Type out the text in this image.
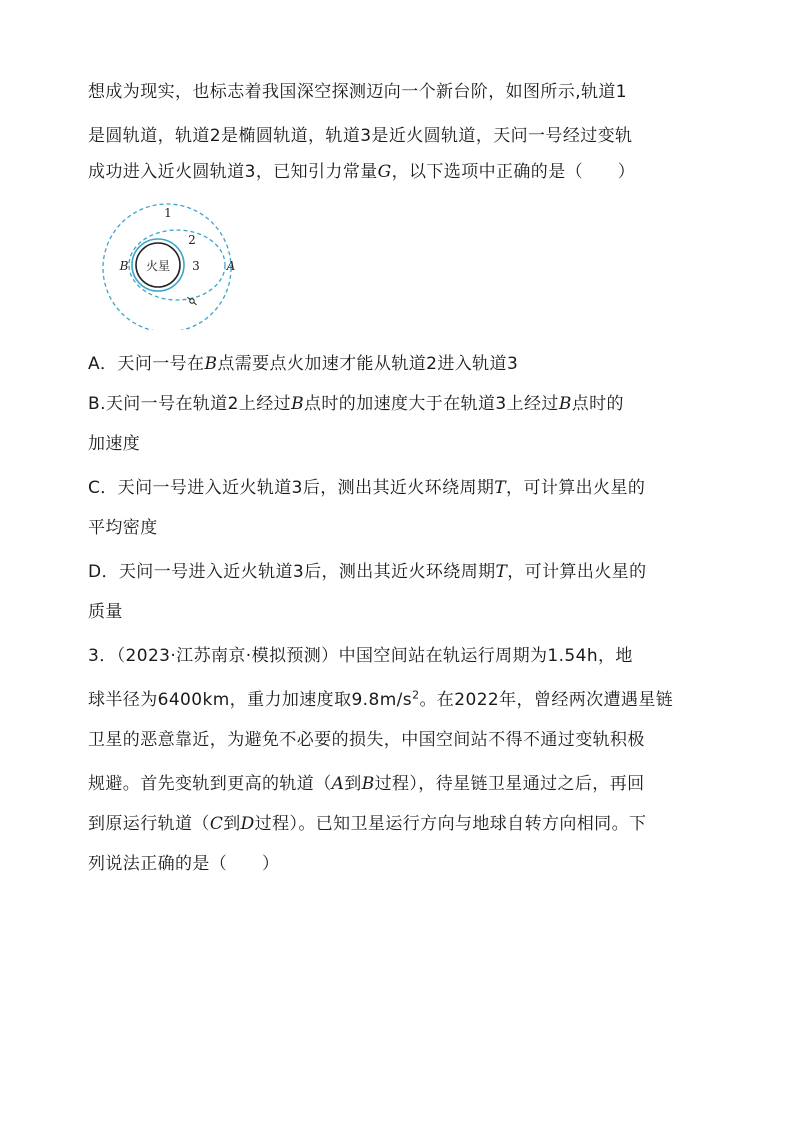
想成为现实，也标志着我国深空探测迈向一个新台阶，如图所示,轨道1
是圆轨道，轨道2是椭圆轨道，轨道3是近火圆轨道，天问一号经过变轨
成功进入近火圆轨道3，已知引力常量G，以下选项中正确的是（　　）
1
2
3 A
B 火星
A．天问一号在B点需要点火加速才能从轨道2进入轨道3
B.天问一号在轨道2上经过B点时的加速度大于在轨道3上经过B点时的
加速度
C．天问一号进入近火轨道3后，测出其近火环绕周期T，可计算出火星的
平均密度
D．天问一号进入近火轨道3后，测出其近火环绕周期T，可计算出火星的
质量
3．（2023·江苏南京·模拟预测）中国空间站在轨运行周期为1.54h，地
球半径为6400km，重力加速度取$9.8m/s^2$。在2022年，曾经两次遭遇星链
卫星的恶意靠近，为避免不必要的损失，中国空间站不得不通过变轨积极
规避。首先变轨到更高的轨道（A到B过程），待星链卫星通过之后，再回
到原运行轨道（C到D过程）。已知卫星运行方向与地球自转方向相同。下
列说法正确的是（　　）
